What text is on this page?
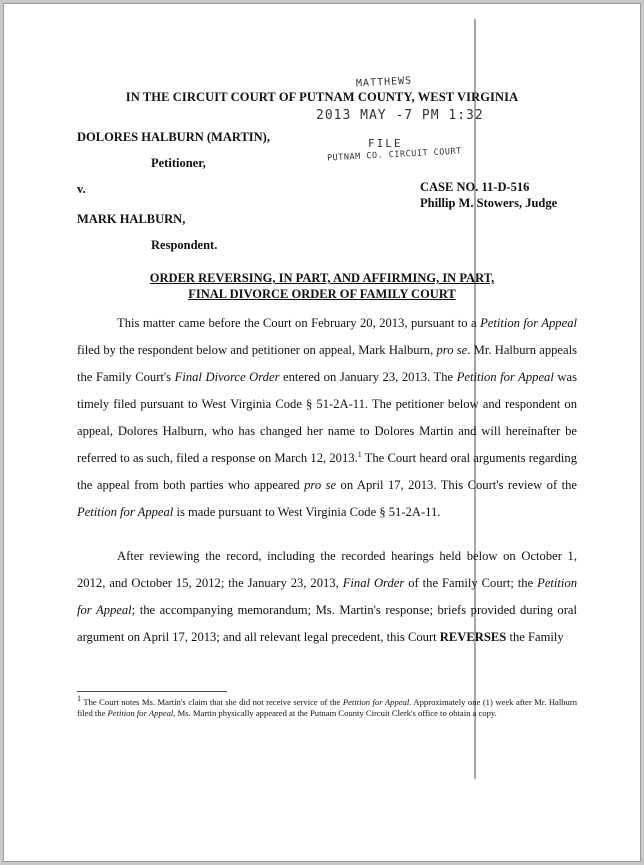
MATTHEWS
2013 MAY -7 PM 1:32
FILE
PUTNAM CO. CIRCUIT COURT
IN THE CIRCUIT COURT OF PUTNAM COUNTY, WEST VIRGINIA
DOLORES HALBURN (MARTIN),
Petitioner,
v.
MARK HALBURN,
Respondent.
CASE NO. 11-D-516
Phillip M. Stowers, Judge
ORDER REVERSING, IN PART, AND AFFIRMING, IN PART,
FINAL DIVORCE ORDER OF FAMILY COURT

This matter came before the Court on February 20, 2013, pursuant to a Petition for Appeal filed by the respondent below and petitioner on appeal, Mark Halburn, pro se. Mr. Halburn appeals the Family Court's Final Divorce Order entered on January 23, 2013. The Petition for Appeal was timely filed pursuant to West Virginia Code § 51-2A-11. The petitioner below and respondent on appeal, Dolores Halburn, who has changed her name to Dolores Martin and will hereinafter be referred to as such, filed a response on March 12, 2013.$^1$ The Court heard oral arguments regarding the appeal from both parties who appeared pro se on April 17, 2013. This Court's review of the Petition for Appeal is made pursuant to West Virginia Code § 51-2A-11.

After reviewing the record, including the recorded hearings held below on October 1, 2012, and October 15, 2012; the January 23, 2013, Final Order of the Family Court; the Petition for Appeal; the accompanying memorandum; Ms. Martin's response; briefs provided during oral argument on April 17, 2013; and all relevant legal precedent, this Court REVERSES the Family

$^1$ The Court notes Ms. Martin's claim that she did not receive service of the Petition for Appeal. Approximately one (1) week after Mr. Halburn filed the Petition for Appeal, Ms. Martin physically appeared at the Putnam County Circuit Clerk's office to obtain a copy.
